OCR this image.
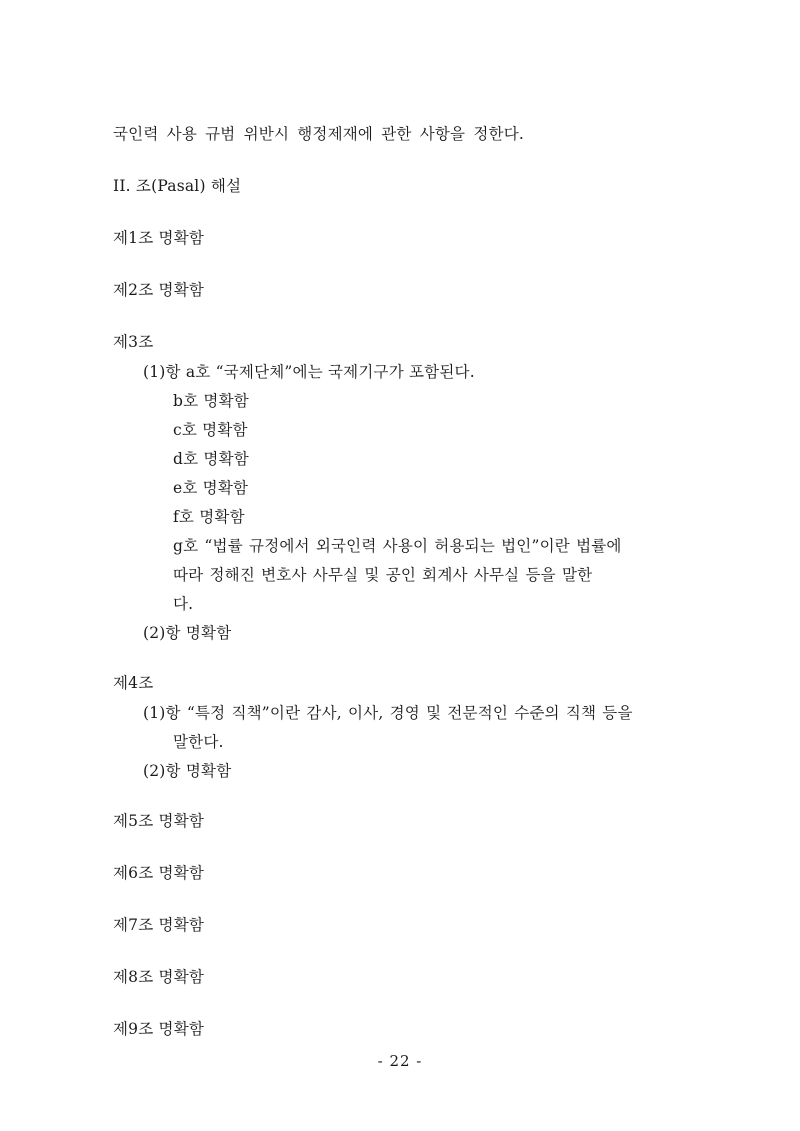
국인력 사용 규범 위반시 행정제재에 관한 사항을 정한다.

II. 조(Pasal) 해설

제1조 명확함

제2조 명확함

제3조

(1)항 a호 “국제단체”에는 국제기구가 포함된다.

b호 명확함

c호 명확함

d호 명확함

e호 명확함

f호 명확함

g호 “법률 규정에서 외국인력 사용이 허용되는 법인”이란 법률에

따라 정해진 변호사 사무실 및 공인 회계사 사무실 등을 말한

다.

(2)항 명확함

제4조

(1)항 “특정 직책”이란 감사, 이사, 경영 및 전문적인 수준의 직책 등을

말한다.

(2)항 명확함

제5조 명확함

제6조 명확함

제7조 명확함

제8조 명확함

제9조 명확함

- 22 -
